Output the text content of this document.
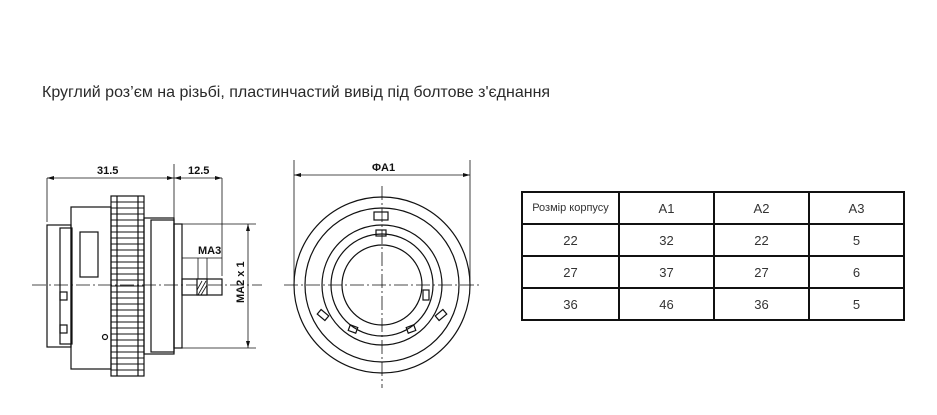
Круглий роз’єм на різьбі, пластинчастий вивід під болтове з'єднання
31.5	12.5
MA3
MA2 x 1
ΦA1
Розмір корпусу	A1	A2	A3
22	32	22	5
27	37	27	6
36	46	36	5
